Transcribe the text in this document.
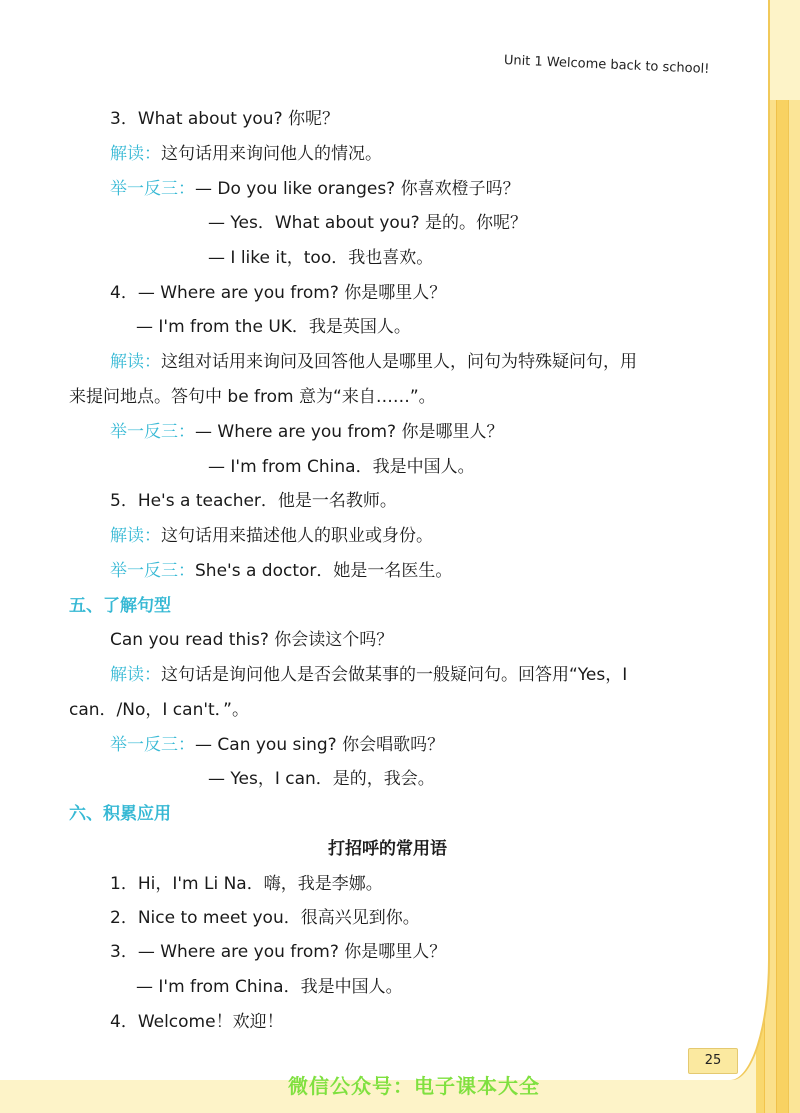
Unit 1 Welcome back to school!
3．What about you? 你呢？
解读：这句话用来询问他人的情况。
举一反三：— Do you like oranges? 你喜欢橙子吗？
— Yes．What about you? 是的。你呢？
— I like it，too．我也喜欢。
4．— Where are you from? 你是哪里人？
— I'm from the UK．我是英国人。
解读：这组对话用来询问及回答他人是哪里人，问句为特殊疑问句，用
来提问地点。答句中 be from 意为“来自……”。
举一反三：— Where are you from? 你是哪里人？
— I'm from China．我是中国人。
5．He's a teacher．他是一名教师。
解读：这句话用来描述他人的职业或身份。
举一反三：She's a doctor．她是一名医生。
五、了解句型
Can you read this? 你会读这个吗？
解读：这句话是询问他人是否会做某事的一般疑问句。回答用“Yes，I
can．/No，I can't．”。
举一反三：— Can you sing? 你会唱歌吗？
— Yes，I can．是的，我会。
六、积累应用
打招呼的常用语
1．Hi，I'm Li Na．嗨，我是李娜。
2．Nice to meet you．很高兴见到你。
3．— Where are you from? 你是哪里人？
— I'm from China．我是中国人。
4．Welcome！欢迎！
25
微信公众号：电子课本大全
